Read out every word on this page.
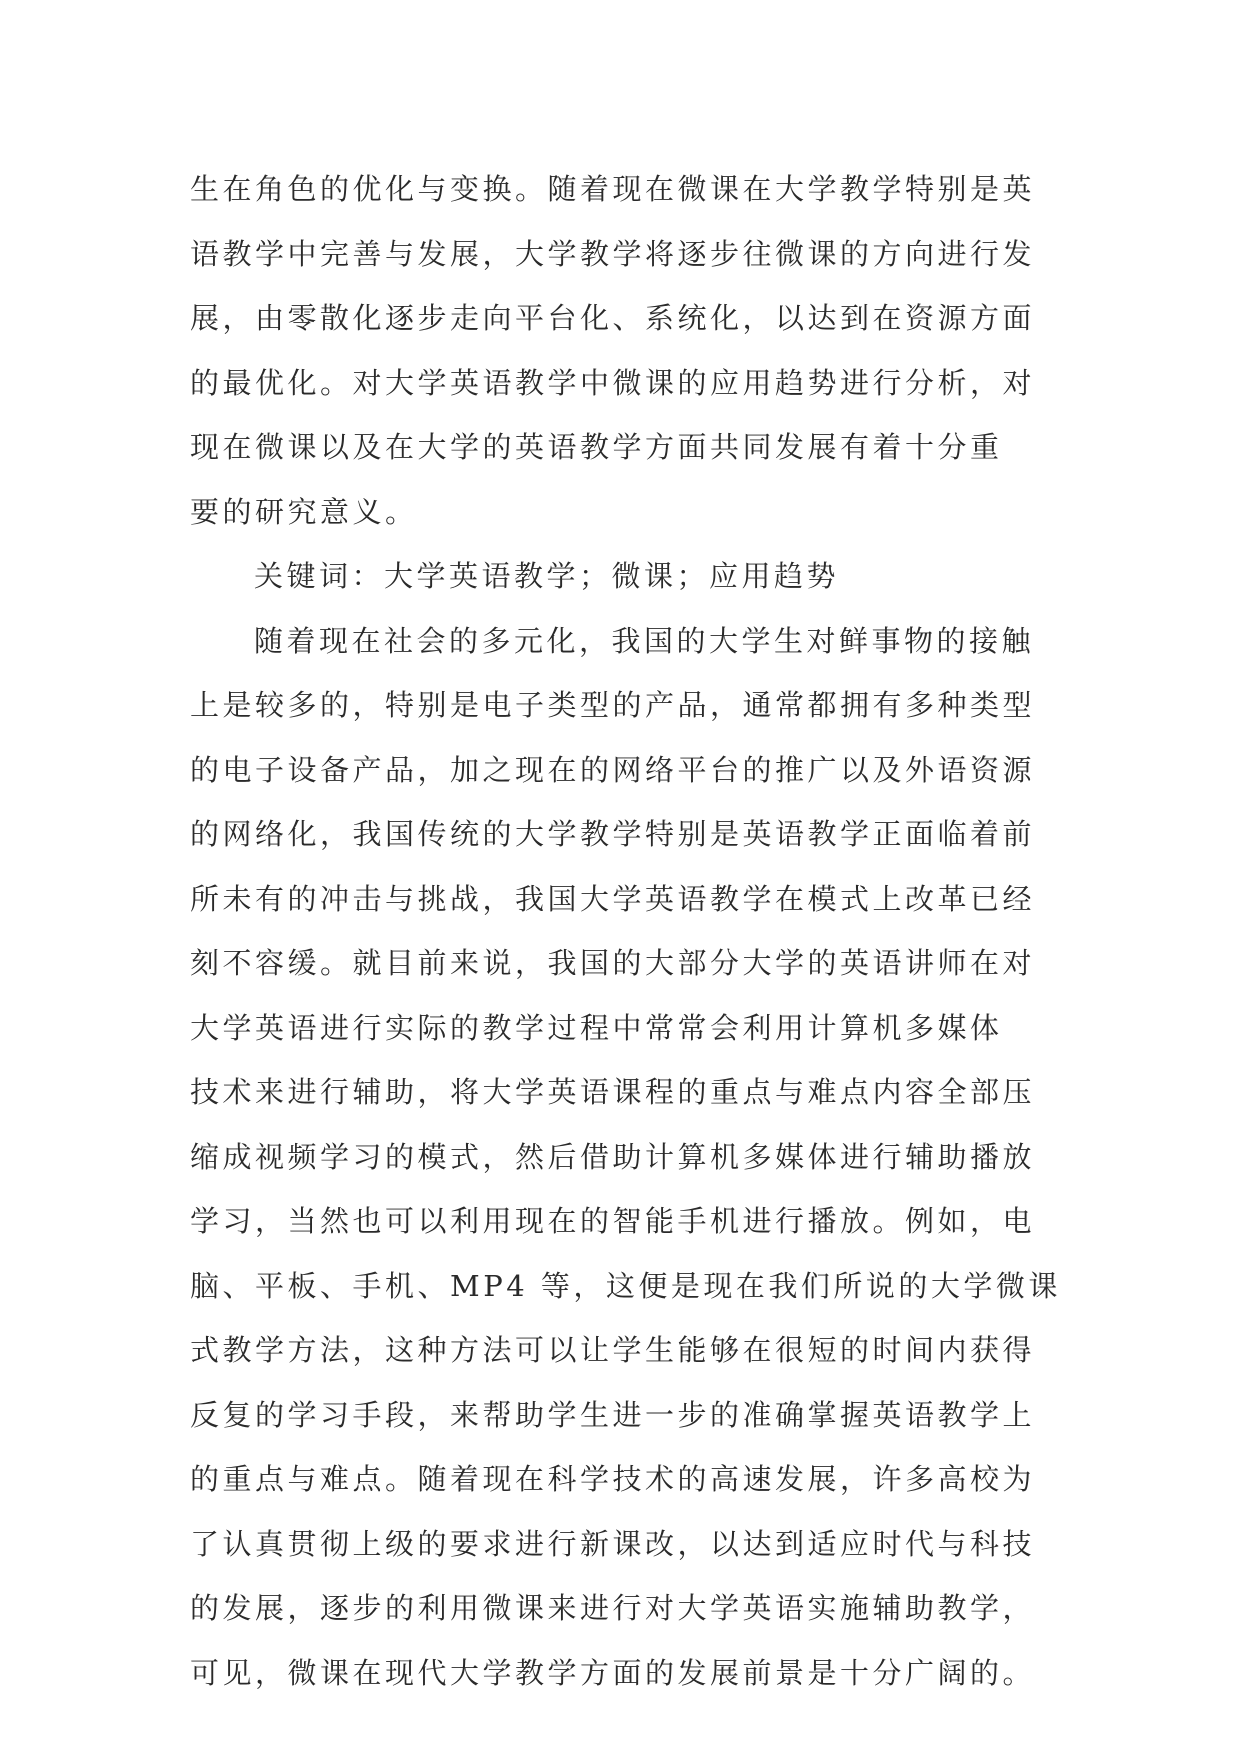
生在角色的优化与变换。随着现在微课在大学教学特别是英
语教学中完善与发展，大学教学将逐步往微课的方向进行发
展，由零散化逐步走向平台化、系统化，以达到在资源方面
的最优化。对大学英语教学中微课的应用趋势进行分析，对
现在微课以及在大学的英语教学方面共同发展有着十分重
要的研究意义。
关键词：大学英语教学；微课；应用趋势
随着现在社会的多元化，我国的大学生对鲜事物的接触
上是较多的，特别是电子类型的产品，通常都拥有多种类型
的电子设备产品，加之现在的网络平台的推广以及外语资源
的网络化，我国传统的大学教学特别是英语教学正面临着前
所未有的冲击与挑战，我国大学英语教学在模式上改革已经
刻不容缓。就目前来说，我国的大部分大学的英语讲师在对
大学英语进行实际的教学过程中常常会利用计算机多媒体
技术来进行辅助，将大学英语课程的重点与难点内容全部压
缩成视频学习的模式，然后借助计算机多媒体进行辅助播放
学习，当然也可以利用现在的智能手机进行播放。例如，电
脑、平板、手机、MP4 等，这便是现在我们所说的大学微课
式教学方法，这种方法可以让学生能够在很短的时间内获得
反复的学习手段，来帮助学生进一步的准确掌握英语教学上
的重点与难点。随着现在科学技术的高速发展，许多高校为
了认真贯彻上级的要求进行新课改，以达到适应时代与科技
的发展，逐步的利用微课来进行对大学英语实施辅助教学，
可见，微课在现代大学教学方面的发展前景是十分广阔的。
